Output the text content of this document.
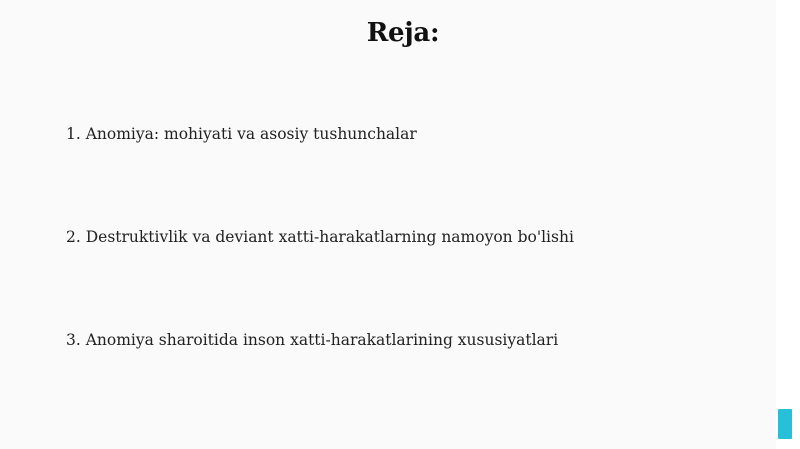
Reja:
1. Anomiya: mohiyati va asosiy tushunchalar
2. Destruktivlik va deviant xatti-harakatlarning namoyon bo'lishi
3. Anomiya sharoitida inson xatti-harakatlarining xususiyatlari
